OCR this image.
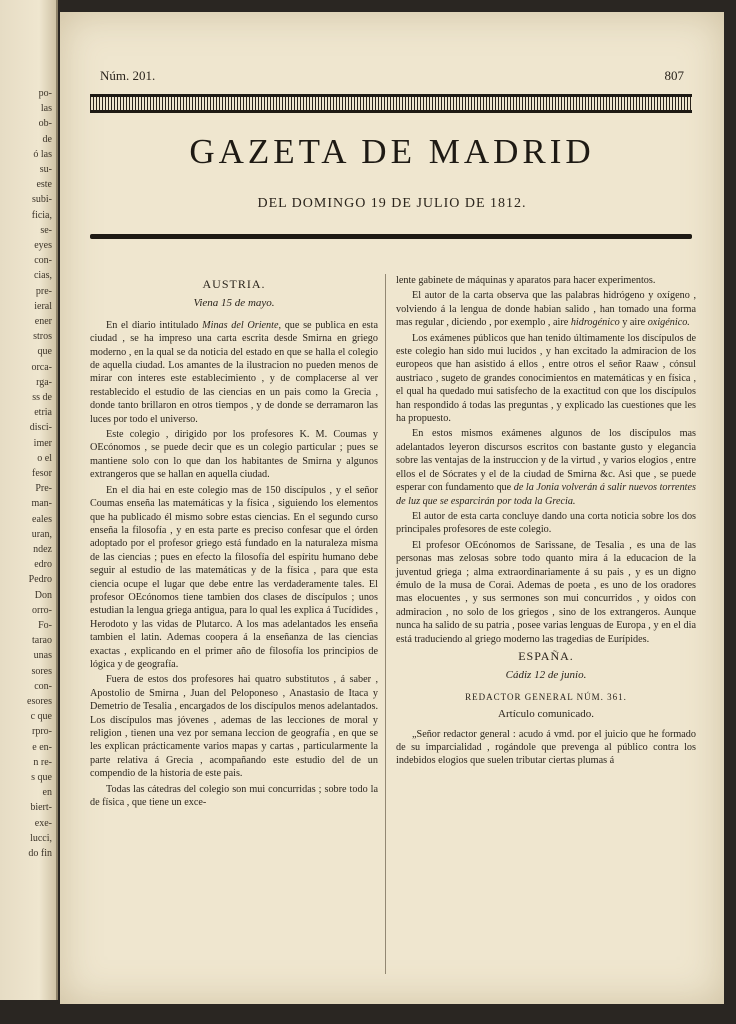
po-
las
ob-
de
ó las
su-
este
subi-
ficia,
se-
eyes
con-
cias,
pre-
ieral
ener
stros
que
orca-
rga-
ss de
etria
disci-
imer
o el
fesor
Pre-
man-
eales
uran,
ndez
edro
Pedro
Don
orro-
Fo-
tarao
unas
sores
con-
esores
c que
rpro-
e en-
n re-
s que
en
biert-
exe-
lucci,
do fin
Núm. 201.	807
GAZETA DE MADRID
DEL DOMINGO 19 DE JULIO DE 1812.

AUSTRIA.

Viena 15 de mayo.

En el diario intitulado Minas del Oriente, que se publica en esta ciudad , se ha impreso una carta escrita desde Smirna en griego moderno , en la qual se da noticia del estado en que se halla el colegio de aquella ciudad. Los amantes de la ilustracion no pueden menos de mirar con interes este establecimiento , y de complacerse al ver restablecido el estudio de las ciencias en un pais como la Grecia , donde tanto brillaron en otros tiempos , y de donde se derramaron las luces por todo el universo.

Este colegio , dirigido por los profesores K. M. Coumas y OEcónomos , se puede decir que es un colegio particular ; pues se mantiene solo con lo que dan los habitantes de Smirna y algunos extrangeros que se hallan en aquella ciudad.

En el dia hai en este colegio mas de 150 discípulos , y el señor Coumas enseña las matemáticas y la física , siguiendo los elementos que ha publicado él mismo sobre estas ciencias. En el segundo curso enseña la filosofía , y en esta parte es preciso confesar que el órden adoptado por el profesor griego está fundado en la naturaleza misma de las ciencias ; pues en efecto la filosofía del espíritu humano debe seguir al estudio de las matemáticas y de la física , para que esta ciencia ocupe el lugar que debe entre las verdaderamente tales. El profesor OEcónomos tiene tambien dos clases de discípulos ; unos estudian la lengua griega antigua, para lo qual les explica á Tucídides , Herodoto y las vidas de Plutarco. A los mas adelantados les enseña tambien el latin. Ademas coopera á la enseñanza de las ciencias exactas , explicando en el primer año de filosofía los principios de lógica y de geografía.

Fuera de estos dos profesores hai quatro substitutos , á saber , Apostolio de Smirna , Juan del Peloponeso , Anastasio de Itaca y Demetrio de Tesalia , encargados de los discípulos menos adelantados. Los discípulos mas jóvenes , ademas de las lecciones de moral y religion , tienen una vez por semana leccion de geografía , en que se les explican prácticamente varios mapas y cartas , particularmente la parte relativa á Grecia , acompañando este estudio del de un compendio de la historia de este pais.

Todas las cátedras del colegio son mui concurridas ; sobre todo la de física , que tiene un exce-

lente gabinete de máquinas y aparatos para hacer experimentos.

El autor de la carta observa que las palabras hidrógeno y oxígeno , volviendo á la lengua de donde habian salido , han tomado una forma mas regular , diciendo , por exemplo , aire hidrogénico y aire oxigénico.

Los exámenes públicos que han tenido últimamente los discípulos de este colegio han sido mui lucidos , y han excitado la admiracion de los europeos que han asistido á ellos , entre otros el señor Raaw , cónsul austriaco , sugeto de grandes conocimientos en matemáticas y en física , el qual ha quedado mui satisfecho de la exactitud con que los discípulos han respondido á todas las preguntas , y explicado las cuestiones que les ha propuesto.

En estos mismos exámenes algunos de los discípulos mas adelantados leyeron discursos escritos con bastante gusto y elegancia sobre las ventajas de la instruccion y de la virtud , y varios elogios , entre ellos el de Sócrates y el de la ciudad de Smirna &c. Asi que , se puede esperar con fundamento que de la Jonia volverán á salir nuevos torrentes de luz que se esparcirán por toda la Grecia.

El autor de esta carta concluye dando una corta noticia sobre los dos principales profesores de este colegio.

El profesor OEcónomos de Sarissane, de Tesalia , es una de las personas mas zelosas sobre todo quanto mira á la educacion de la juventud griega ; alma extraordinariamente á su pais , y es un digno émulo de la musa de Corai. Ademas de poeta , es uno de los oradores mas elocuentes , y sus sermones son mui concurridos , y oidos con admiracion , no solo de los griegos , sino de los extrangeros. Aunque nunca ha salido de su patria , posee varias lenguas de Europa , y en el dia está traduciendo al griego moderno las tragedias de Eurípides.

ESPAÑA.

Cádiz 12 de junio.

REDACTOR GENERAL NÚM. 361.

Artículo comunicado.

„Señor redactor general : acudo á vmd. por el juicio que he formado de su imparcialidad , rogándole que prevenga al público contra los indebidos elogios que suelen tributar ciertas plumas á
